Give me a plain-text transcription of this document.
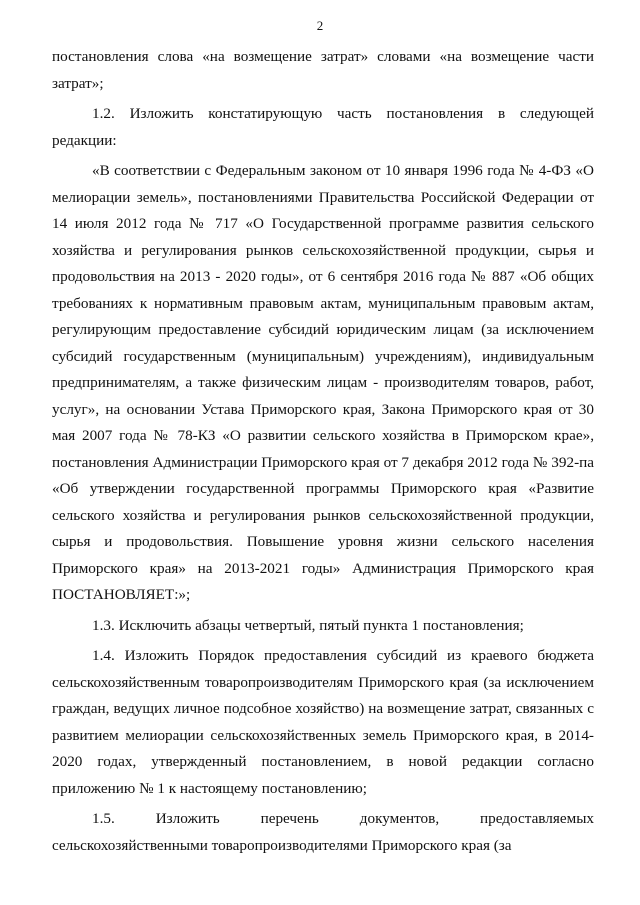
2

постановления слова «на возмещение затрат» словами «на возмещение части затрат»;

1.2. Изложить констатирующую часть постановления в следующей редакции:

«В соответствии с Федеральным законом от 10 января 1996 года № 4-ФЗ «О мелиорации земель», постановлениями Правительства Российской Федерации от 14 июля 2012 года № 717 «О Государственной программе развития сельского хозяйства и регулирования рынков сельскохозяйственной продукции, сырья и продовольствия на 2013 - 2020 годы», от 6 сентября 2016 года № 887 «Об общих требованиях к нормативным правовым актам, муниципальным правовым актам, регулирующим предоставление субсидий юридическим лицам (за исключением субсидий государственным (муниципальным) учреждениям), индивидуальным предпринимателям, а также физическим лицам - производителям товаров, работ, услуг», на основании Устава Приморского края, Закона Приморского края от 30 мая 2007 года № 78-КЗ «О развитии сельского хозяйства в Приморском крае», постановления Администрации Приморского края от 7 декабря 2012 года № 392-па «Об утверждении государственной программы Приморского края «Развитие сельского хозяйства и регулирования рынков сельскохозяйственной продукции, сырья и продовольствия. Повышение уровня жизни сельского населения Приморского края» на 2013-2021 годы» Администрация Приморского края ПОСТАНОВЛЯЕТ:»;

1.3. Исключить абзацы четвертый, пятый пункта 1 постановления;

1.4. Изложить Порядок предоставления субсидий из краевого бюджета сельскохозяйственным товаропроизводителям Приморского края (за исключением граждан, ведущих личное подсобное хозяйство) на возмещение затрат, связанных с развитием мелиорации сельскохозяйственных земель Приморского края, в 2014- 2020 годах, утвержденный постановлением, в новой редакции согласно приложению № 1 к настоящему постановлению;

1.5. Изложить перечень документов, предоставляемых сельскохозяйственными товаропроизводителями Приморского края (за
